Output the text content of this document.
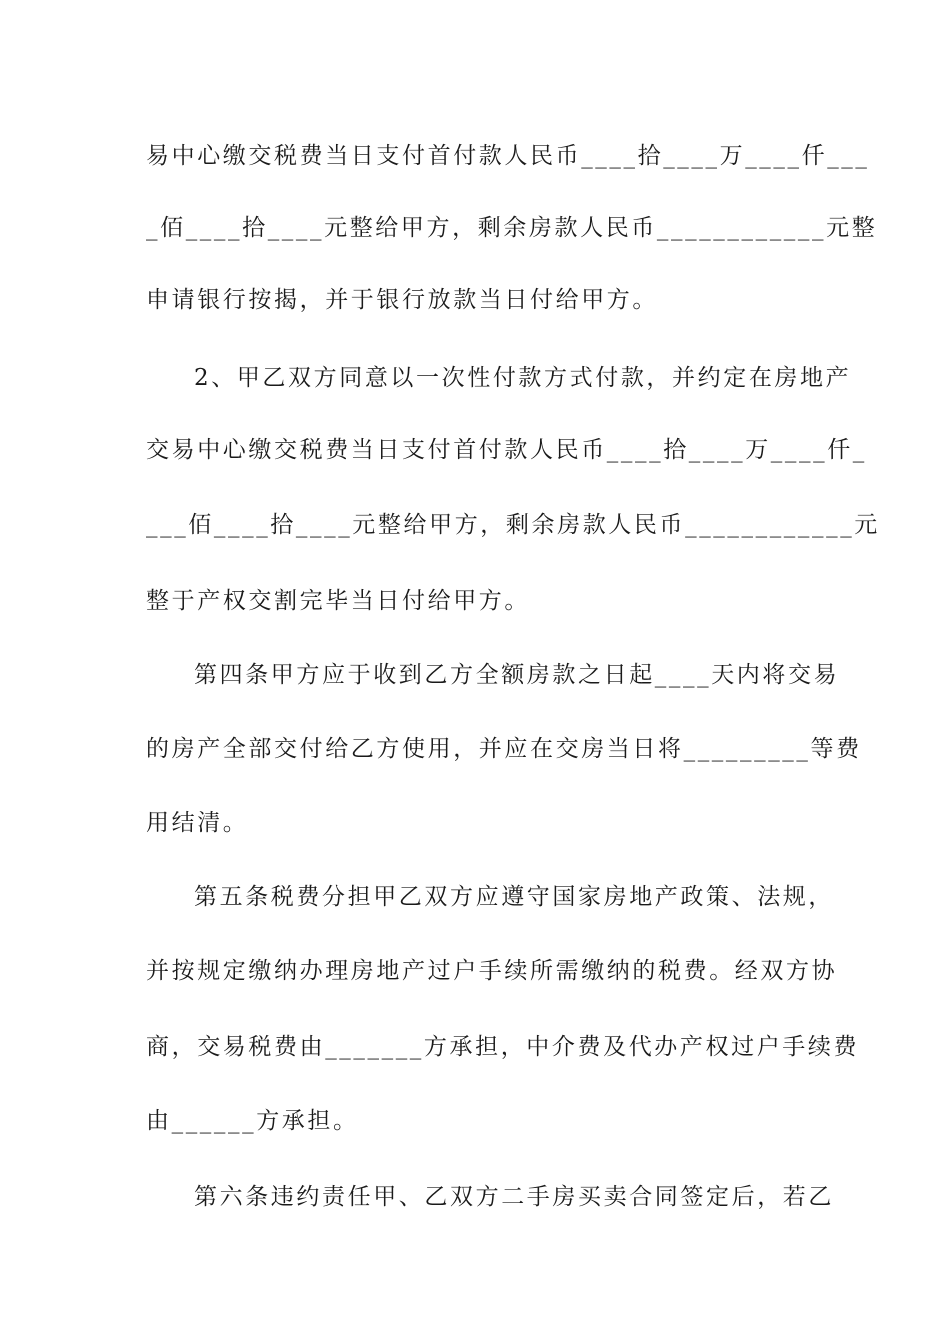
易中心缴交税费当日支付首付款人民币____拾____万____仟___
_佰____拾____元整给甲方，剩余房款人民币____________元整
申请银行按揭，并于银行放款当日付给甲方。
2、甲乙双方同意以一次性付款方式付款，并约定在房地产
交易中心缴交税费当日支付首付款人民币____拾____万____仟_
___佰____拾____元整给甲方，剩余房款人民币____________元
整于产权交割完毕当日付给甲方。
第四条甲方应于收到乙方全额房款之日起____天内将交易
的房产全部交付给乙方使用，并应在交房当日将_________等费
用结清。
第五条税费分担甲乙双方应遵守国家房地产政策、法规，
并按规定缴纳办理房地产过户手续所需缴纳的税费。经双方协
商，交易税费由_______方承担，中介费及代办产权过户手续费
由______方承担。
第六条违约责任甲、乙双方二手房买卖合同签定后，若乙
